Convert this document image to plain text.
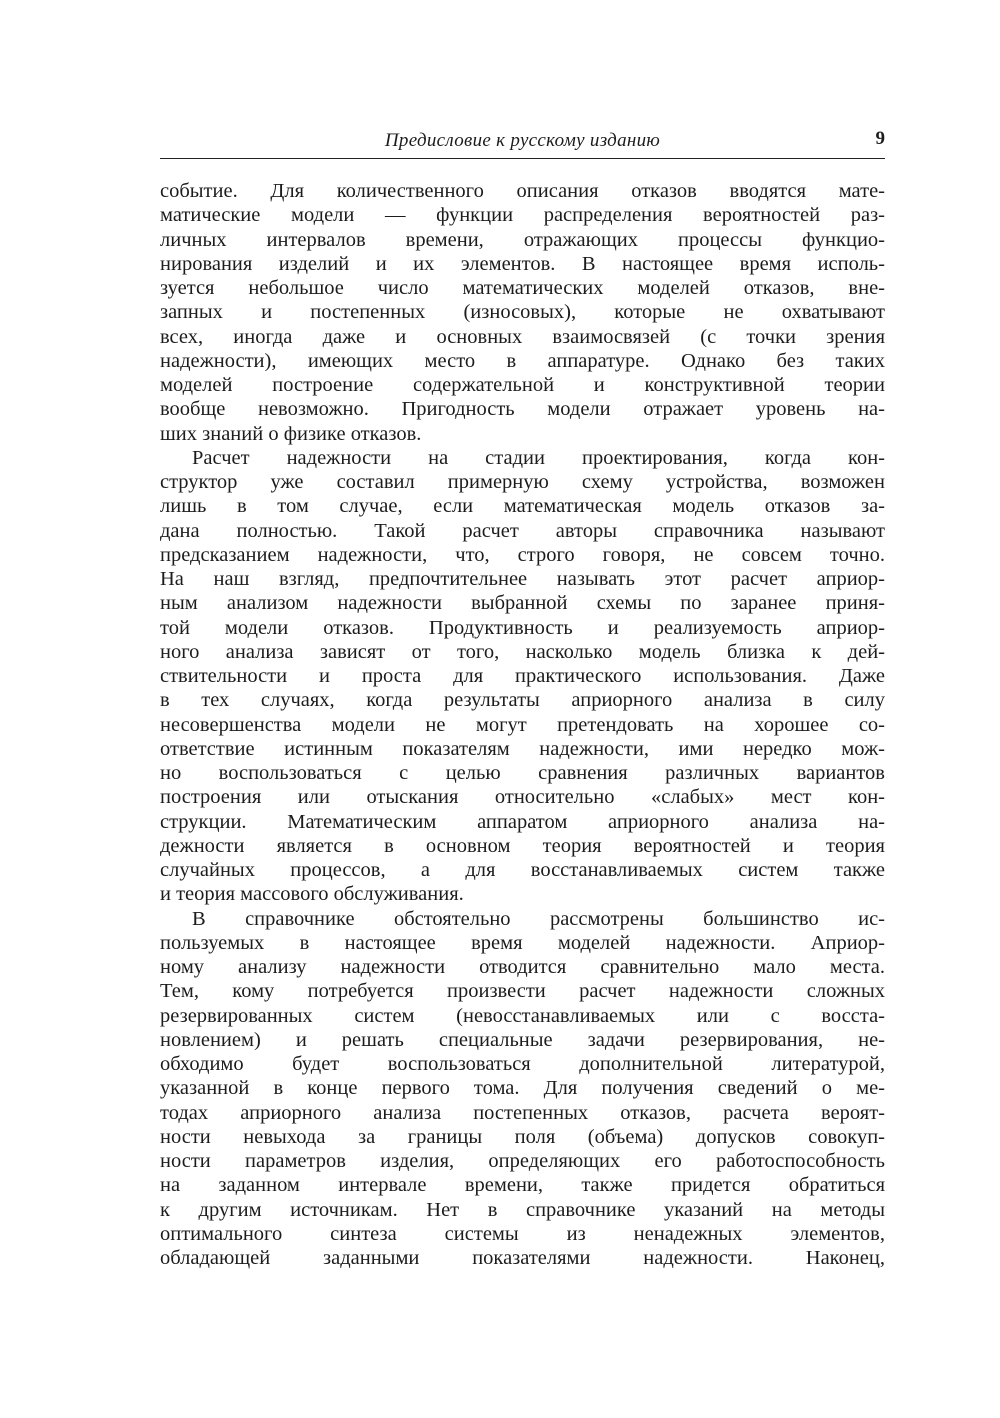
Предисловие к русскому изданию	9
событие. Для количественного описания отказов вводятся мате-
матические модели — функции распределения вероятностей раз-
личных интервалов времени, отражающих процессы функцио-
нирования изделий и их элементов. В настоящее время исполь-
зуется небольшое число математических моделей отказов, вне-
запных и постепенных (износовых), которые не охватывают
всех, иногда даже и основных взаимосвязей (с точки зрения
надежности), имеющих место в аппаратуре. Однако без таких
моделей построение содержательной и конструктивной теории
вообще невозможно. Пригодность модели отражает уровень на-
ших знаний о физике отказов.
Расчет надежности на стадии проектирования, когда кон-
структор уже составил примерную схему устройства, возможен
лишь в том случае, если математическая модель отказов за-
дана полностью. Такой расчет авторы справочника называют
предсказанием надежности, что, строго говоря, не совсем точно.
На наш взгляд, предпочтительнее называть этот расчет априор-
ным анализом надежности выбранной схемы по заранее приня-
той модели отказов. Продуктивность и реализуемость априор-
ного анализа зависят от того, насколько модель близка к дей-
ствительности и проста для практического использования. Даже
в тех случаях, когда результаты априорного анализа в силу
несовершенства модели не могут претендовать на хорошее со-
ответствие истинным показателям надежности, ими нередко мож-
но воспользоваться с целью сравнения различных вариантов
построения или отыскания относительно «слабых» мест кон-
струкции. Математическим аппаратом априорного анализа на-
дежности является в основном теория вероятностей и теория
случайных процессов, а для восстанавливаемых систем также
и теория массового обслуживания.
В справочнике обстоятельно рассмотрены большинство ис-
пользуемых в настоящее время моделей надежности. Априор-
ному анализу надежности отводится сравнительно мало места.
Тем, кому потребуется произвести расчет надежности сложных
резервированных систем (невосстанавливаемых или с восста-
новлением) и решать специальные задачи резервирования, не-
обходимо будет воспользоваться дополнительной литературой,
указанной в конце первого тома. Для получения сведений о ме-
тодах априорного анализа постепенных отказов, расчета вероят-
ности невыхода за границы поля (объема) допусков совокуп-
ности параметров изделия, определяющих его работоспособность
на заданном интервале времени, также придется обратиться
к другим источникам. Нет в справочнике указаний на методы
оптимального синтеза системы из ненадежных элементов,
обладающей заданными показателями надежности. Наконец,
